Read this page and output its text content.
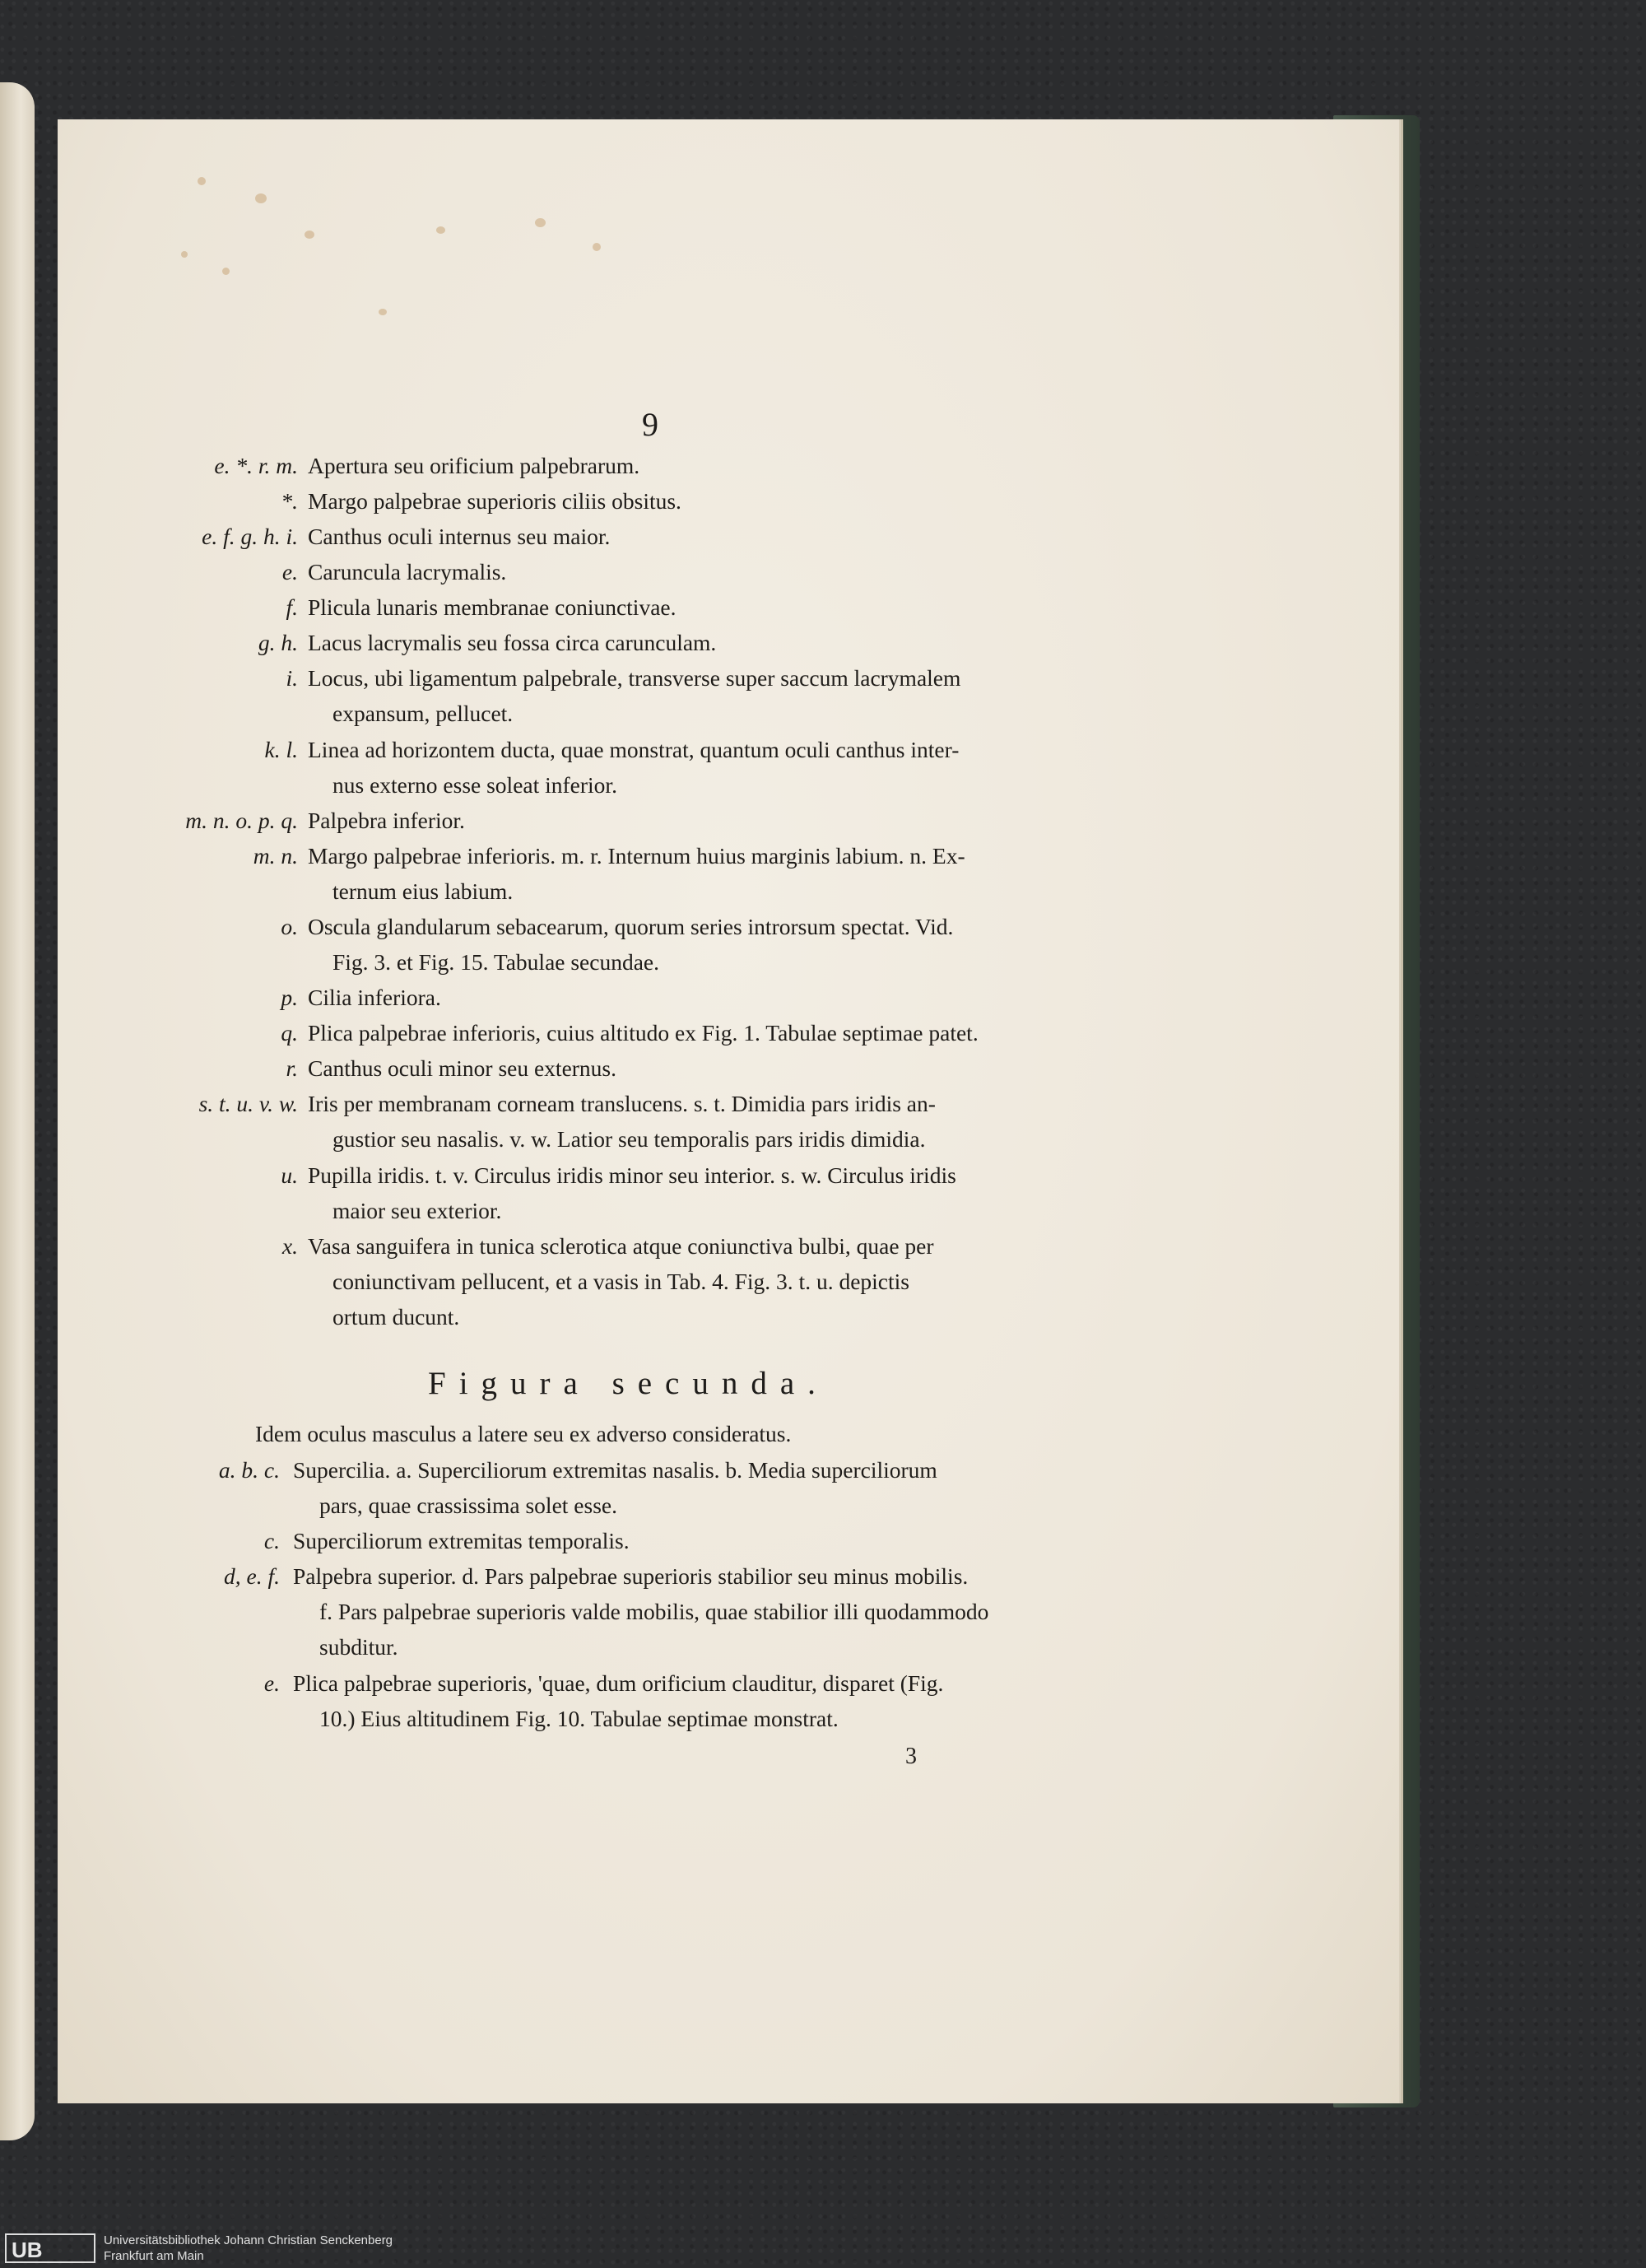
9
e. *. r. m. Apertura seu orificium palpebrarum.
*. Margo palpebrae superioris ciliis obsitus.
e. f. g. h. i. Canthus oculi internus seu maior.
e. Caruncula lacrymalis.
f. Plicula lunaris membranae coniunctivae.
g. h. Lacus lacrymalis seu fossa circa carunculam.
i. Locus, ubi ligamentum palpebrale, transverse super saccum lacrymalem
expansum, pellucet.
k. l. Linea ad horizontem ducta, quae monstrat, quantum oculi canthus inter-
nus externo esse soleat inferior.
m. n. o. p. q. Palpebra inferior.
m. n. Margo palpebrae inferioris. m. r. Internum huius marginis labium. n. Ex-
ternum eius labium.
o. Oscula glandularum sebacearum, quorum series introrsum spectat. Vid.
Fig. 3. et Fig. 15. Tabulae secundae.
p. Cilia inferiora.
q. Plica palpebrae inferioris, cuius altitudo ex Fig. 1. Tabulae septimae patet.
r. Canthus oculi minor seu externus.
s. t. u. v. w. Iris per membranam corneam translucens. s. t. Dimidia pars iridis an-
gustior seu nasalis. v. w. Latior seu temporalis pars iridis dimidia.
u. Pupilla iridis. t. v. Circulus iridis minor seu interior. s. w. Circulus iridis
maior seu exterior.
x. Vasa sanguifera in tunica sclerotica atque coniunctiva bulbi, quae per
coniunctivam pellucent, et a vasis in Tab. 4. Fig. 3. t. u. depictis
ortum ducunt.
Figura secunda.
Idem oculus masculus a latere seu ex adverso consideratus.
a. b. c. Supercilia. a. Superciliorum extremitas nasalis. b. Media superciliorum
pars, quae crassissima solet esse.
c. Superciliorum extremitas temporalis.
d, e. f. Palpebra superior. d. Pars palpebrae superioris stabilior seu minus mobilis.
f. Pars palpebrae superioris valde mobilis, quae stabilior illi quodammodo
subditur.
e. Plica palpebrae superioris, 'quae, dum orificium clauditur, disparet (Fig.
10.) Eius altitudinem Fig. 10. Tabulae septimae monstrat.
3
UB	Universitätsbibliothek Johann Christian Senckenberg
Frankfurt am Main
